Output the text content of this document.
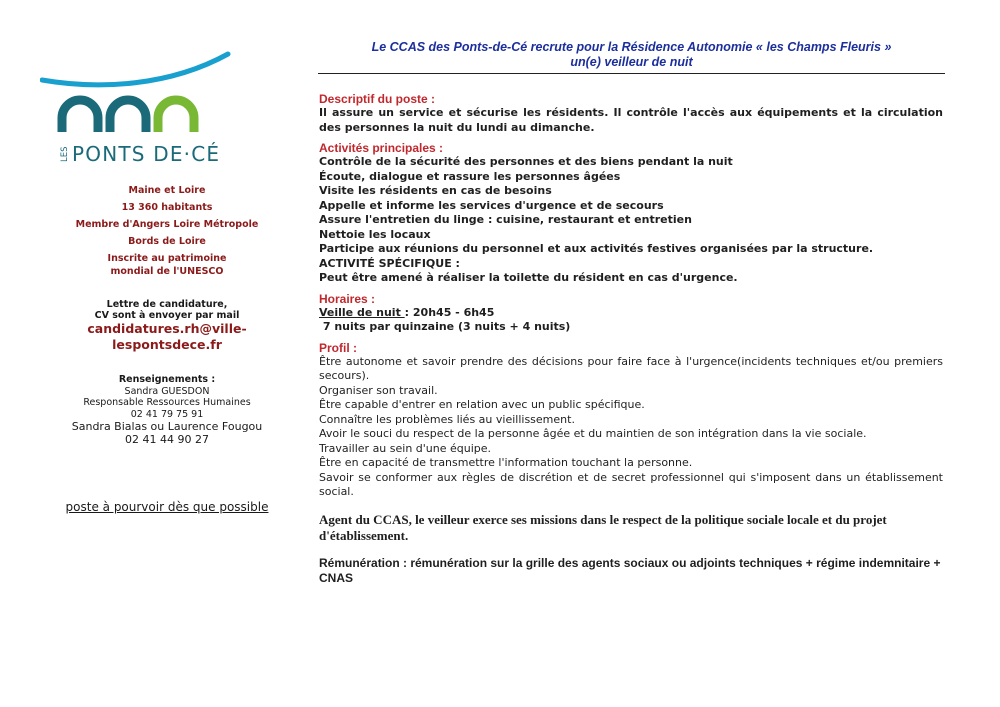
LES PONTS DE·CÉ
Maine et Loire
13 360 habitants
Membre d'Angers Loire Métropole
Bords de Loire
Inscrite au patrimoine
mondial de l'UNESCO
Lettre de candidature,
CV sont à envoyer par mail
candidatures.rh@ville-
lespontsdece.fr
Renseignements :
Sandra GUESDON
Responsable Ressources Humaines
02 41 79 75 91
Sandra Bialas ou Laurence Fougou
02 41 44 90 27
poste à pourvoir dès que possible
Le CCAS des Ponts-de-Cé recrute pour la Résidence Autonomie « les Champs Fleuris »
un(e) veilleur de nuit
Descriptif du poste :
Il assure un service et sécurise les résidents. Il contrôle l'accès aux équipements et la circulation des personnes la nuit du lundi au dimanche.
Activités principales :
Contrôle de la sécurité des personnes et des biens pendant la nuit
Écoute, dialogue et rassure les personnes âgées
Visite les résidents en cas de besoins
Appelle et informe les services d'urgence et de secours
Assure l'entretien du linge : cuisine, restaurant et entretien
Nettoie les locaux
Participe aux réunions du personnel et aux activités festives organisées par la structure.
ACTIVITÉ SPÉCIFIQUE :
Peut être amené à réaliser la toilette du résident en cas d'urgence.
Horaires :
Veille de nuit : 20h45 - 6h45
7 nuits par quinzaine (3 nuits + 4 nuits)
Profil :

Être autonome et savoir prendre des décisions pour faire face à l'urgence(incidents techniques et/ou premiers secours).

Organiser son travail.

Être capable d'entrer en relation avec un public spécifique.

Connaître les problèmes liés au vieillissement.

Avoir le souci du respect de la personne âgée et du maintien de son intégration dans la vie sociale.

Travailler au sein d'une équipe.

Être en capacité de transmettre l'information touchant la personne.

Savoir se conformer aux règles de discrétion et de secret professionnel qui s'imposent dans un établissement social.

Agent du CCAS, le veilleur exerce ses missions dans le respect de la politique sociale locale et du projet d'établissement.
Rémunération : rémunération sur la grille des agents sociaux ou adjoints techniques + régime indemnitaire + CNAS
